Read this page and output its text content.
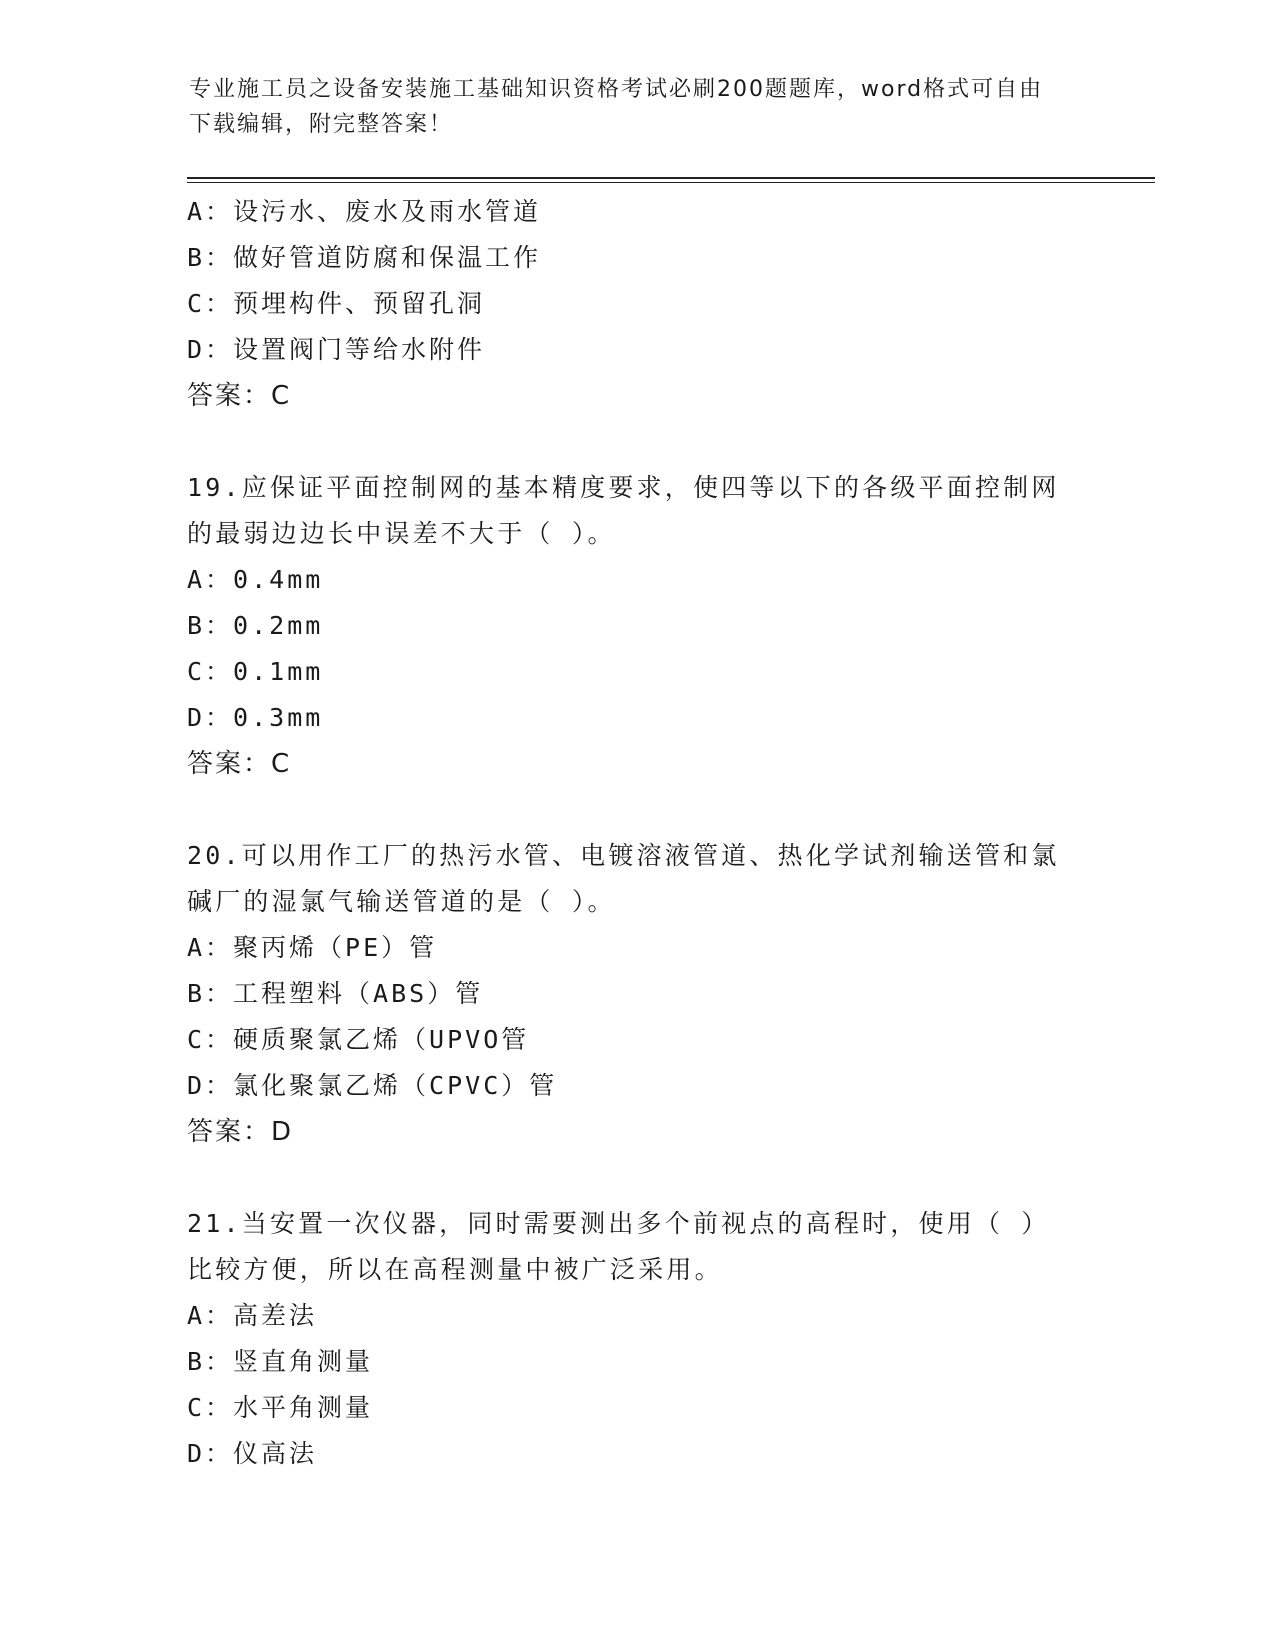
专业施工员之设备安装施工基础知识资格考试必刷200题题库，word格式可自由
下载编辑，附完整答案！
A：设污水、废水及雨水管道
B：做好管道防腐和保温工作
C：预埋构件、预留孔洞
D：设置阀门等给水附件
答案：C
19.应保证平面控制网的基本精度要求，使四等以下的各级平面控制网
的最弱边边长中误差不大于（ ）。
A：0.4mm
B：0.2mm
C：0.1mm
D：0.3mm
答案：C
20.可以用作工厂的热污水管、电镀溶液管道、热化学试剂输送管和氯
碱厂的湿氯气输送管道的是（ ）。
A：聚丙烯（PE）管
B：工程塑料（ABS）管
C：硬质聚氯乙烯（UPVO管
D：氯化聚氯乙烯（CPVC）管
答案：D
21.当安置一次仪器，同时需要测出多个前视点的高程时，使用（ ）
比较方便，所以在高程测量中被广泛采用。
A：高差法
B：竖直角测量
C：水平角测量
D：仪高法
